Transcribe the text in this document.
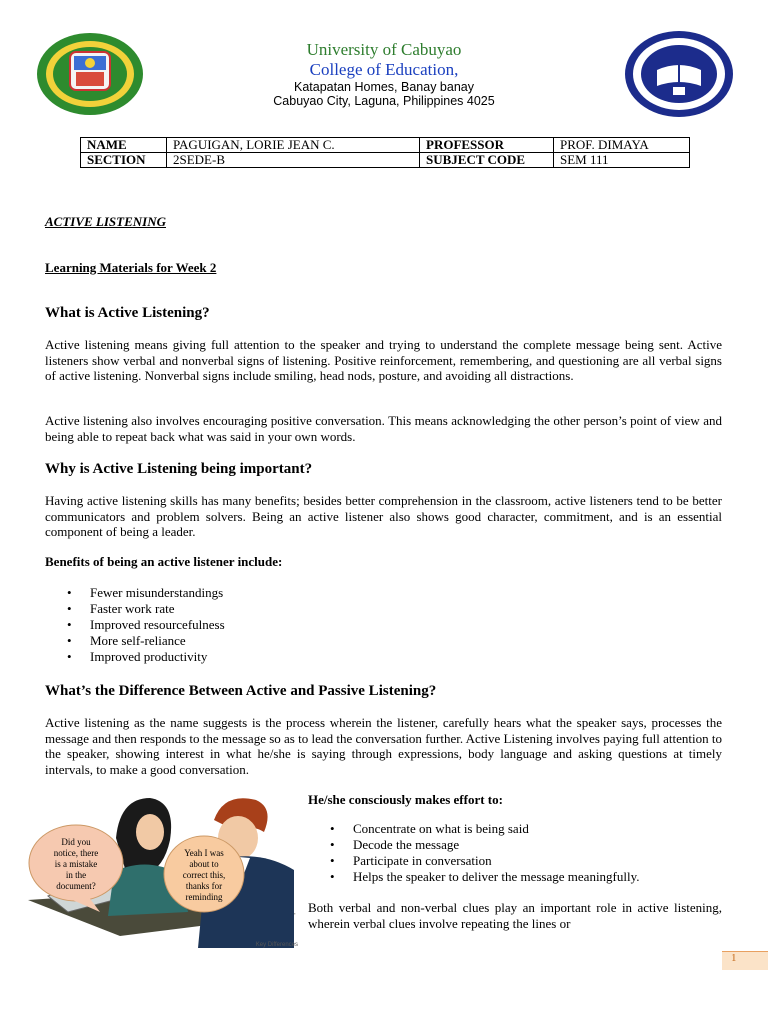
University of Cabuyao
College of Education,
Katapatan Homes, Banay banay
Cabuyao City, Laguna, Philippines 4025
NAME	PAGUIGAN, LORIE JEAN C.	PROFESSOR	PROF. DIMAYA
SECTION	2SEDE-B	SUBJECT CODE	SEM 111
ACTIVE LISTENING
Learning Materials for Week 2
What is Active Listening?
Active listening means giving full attention to the speaker and trying to understand the complete message being sent. Active listeners show verbal and nonverbal signs of listening. Positive reinforcement, remembering, and questioning are all verbal signs of active listening. Nonverbal signs include smiling, head nods, posture, and avoiding all distractions.
Active listening also involves encouraging positive conversation. This means acknowledging the other person’s point of view and being able to repeat back what was said in your own words.
Why is Active Listening being important?
Having active listening skills has many benefits; besides better comprehension in the classroom, active listeners tend to be better communicators and problem solvers. Being an active listener also shows good character, commitment, and is an essential component of being a leader.
Benefits of being an active listener include:
• Fewer misunderstandings
• Faster work rate
• Improved resourcefulness
• More self-reliance
• Improved productivity
What’s the Difference Between Active and Passive Listening?
Active listening as the name suggests is the process wherein the listener, carefully hears what the speaker says, processes the message and then responds to the message so as to lead the conversation further. Active Listening involves paying full attention to the speaker, showing interest in what he/she is saying through expressions, body language and asking questions at timely intervals, to make a good conversation.
Did you
notice, there
is a mistake
in the
document?
Yeah I was
about to
correct this,
thanks for
reminding
Key Differences
He/she consciously makes effort to:
• Concentrate on what is being said
• Decode the message
• Participate in conversation
• Helps the speaker to deliver the message meaningfully.
Both verbal and non-verbal clues play an important role in active listening, wherein verbal clues involve repeating the lines or
1
